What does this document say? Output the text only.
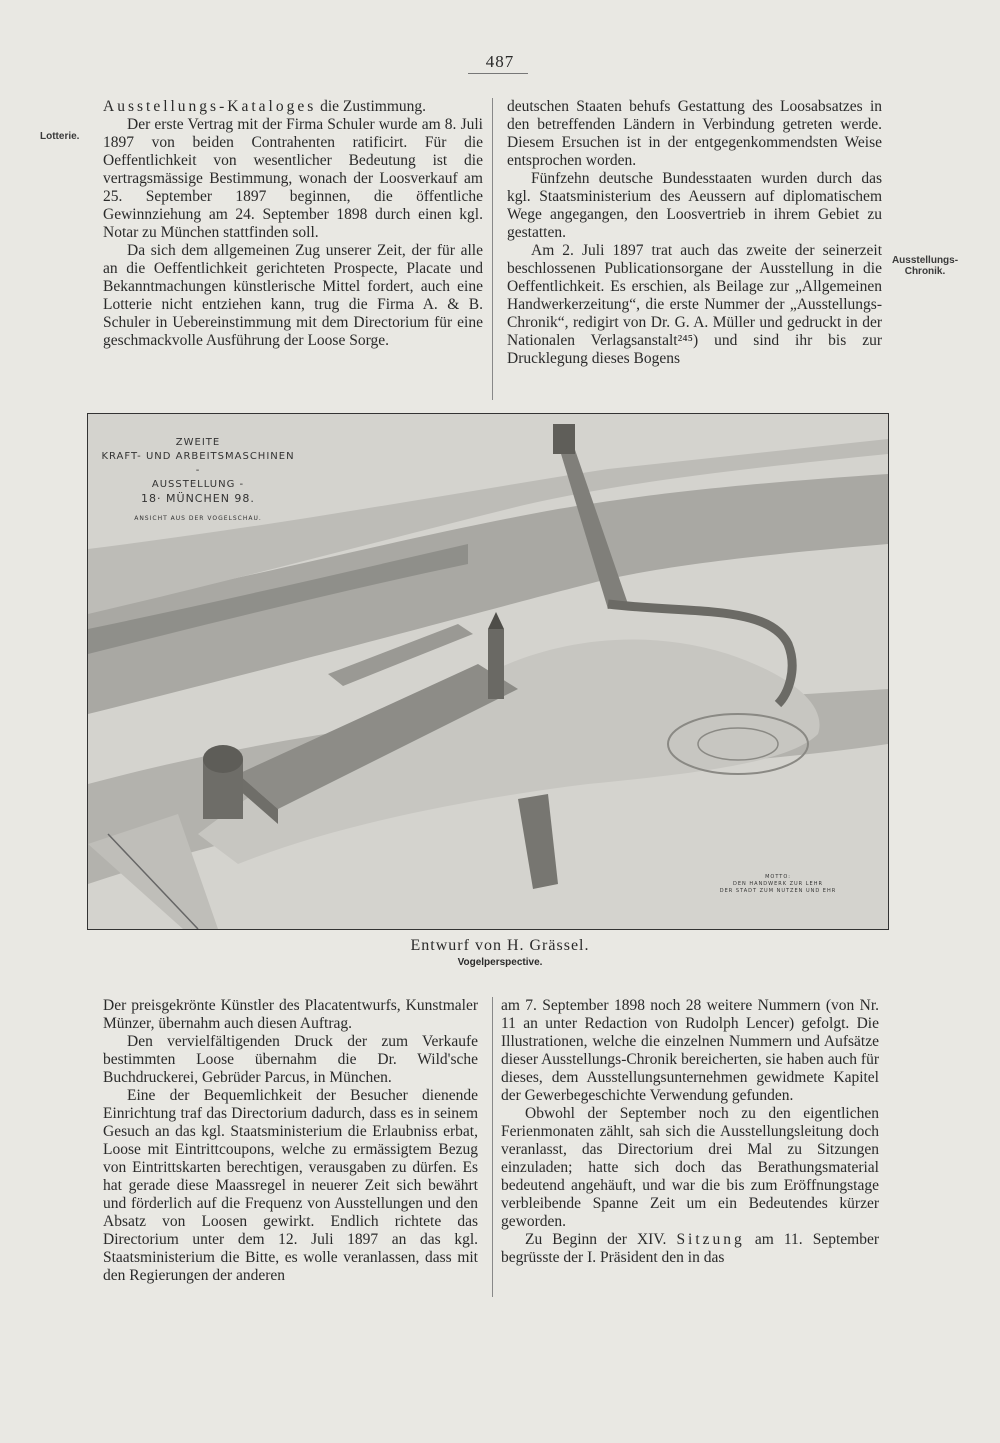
487
Lotterie.
Ausstellungs-
Chronik.

Ausstellungs-Kataloges die Zustimmung.

Der erste Vertrag mit der Firma Schuler wurde am 8. Juli 1897 von beiden Contrahenten ratificirt. Für die Oeffentlichkeit von wesentlicher Bedeutung ist die vertragsmässige Bestimmung, wonach der Loosverkauf am 25. September 1897 beginnen, die öffentliche Gewinnziehung am 24. September 1898 durch einen kgl. Notar zu München stattfinden soll.

Da sich dem allgemeinen Zug unserer Zeit, der für alle an die Oeffentlichkeit gerichteten Prospecte, Placate und Bekanntmachungen künstlerische Mittel fordert, auch eine Lotterie nicht entziehen kann, trug die Firma A. & B. Schuler in Uebereinstimmung mit dem Directorium für eine geschmackvolle Ausführung der Loose Sorge.

deutschen Staaten behufs Gestattung des Loosabsatzes in den betreffenden Ländern in Verbindung getreten werde. Diesem Ersuchen ist in der entgegenkommendsten Weise entsprochen worden.

Fünfzehn deutsche Bundesstaaten wurden durch das kgl. Staatsministerium des Aeussern auf diplomatischem Wege angegangen, den Loosvertrieb in ihrem Gebiet zu gestatten.

Am 2. Juli 1897 trat auch das zweite der seinerzeit beschlossenen Publicationsorgane der Ausstellung in die Oeffentlichkeit. Es erschien, als Beilage zur „Allgemeinen Handwerkerzeitung“, die erste Nummer der „Ausstellungs-Chronik“, redigirt von Dr. G. A. Müller und gedruckt in der Nationalen Verlagsanstalt²⁴⁵) und sind ihr bis zur Drucklegung dieses Bogens

ZWEITE
KRAFT- UND ARBEITSMASCHINEN -
AUSSTELLUNG -
18· MÜNCHEN 98.
ANSICHT AUS DER VOGELSCHAU.
MOTTO:
DEN HANDWERK ZUR LEHR
DER STADT ZUM NUTZEN UND EHR
Entwurf von H. Grässel.
Vogelperspective.

Der preisgekrönte Künstler des Placatentwurfs, Kunstmaler Münzer, übernahm auch diesen Auftrag.

Den vervielfältigenden Druck der zum Verkaufe bestimmten Loose übernahm die Dr. Wild'sche Buchdruckerei, Gebrüder Parcus, in München.

Eine der Bequemlichkeit der Besucher dienende Einrichtung traf das Directorium dadurch, dass es in seinem Gesuch an das kgl. Staatsministerium die Erlaubniss erbat, Loose mit Eintrittcoupons, welche zu ermässigtem Bezug von Eintrittskarten berechtigen, verausgaben zu dürfen. Es hat gerade diese Maassregel in neuerer Zeit sich bewährt und förderlich auf die Frequenz von Ausstellungen und den Absatz von Loosen gewirkt. Endlich richtete das Directorium unter dem 12. Juli 1897 an das kgl. Staatsministerium die Bitte, es wolle veranlassen, dass mit den Regierungen der anderen

am 7. September 1898 noch 28 weitere Nummern (von Nr. 11 an unter Redaction von Rudolph Lencer) gefolgt. Die Illustrationen, welche die einzelnen Nummern und Aufsätze dieser Ausstellungs-Chronik bereicherten, sie haben auch für dieses, dem Ausstellungsunternehmen gewidmete Kapitel der Gewerbegeschichte Verwendung gefunden.

Obwohl der September noch zu den eigentlichen Ferienmonaten zählt, sah sich die Ausstellungsleitung doch veranlasst, das Directorium drei Mal zu Sitzungen einzuladen; hatte sich doch das Berathungsmaterial bedeutend angehäuft, und war die bis zum Eröffnungstage verbleibende Spanne Zeit um ein Bedeutendes kürzer geworden.

Zu Beginn der XIV. Sitzung am 11. September begrüsste der I. Präsident den in das
